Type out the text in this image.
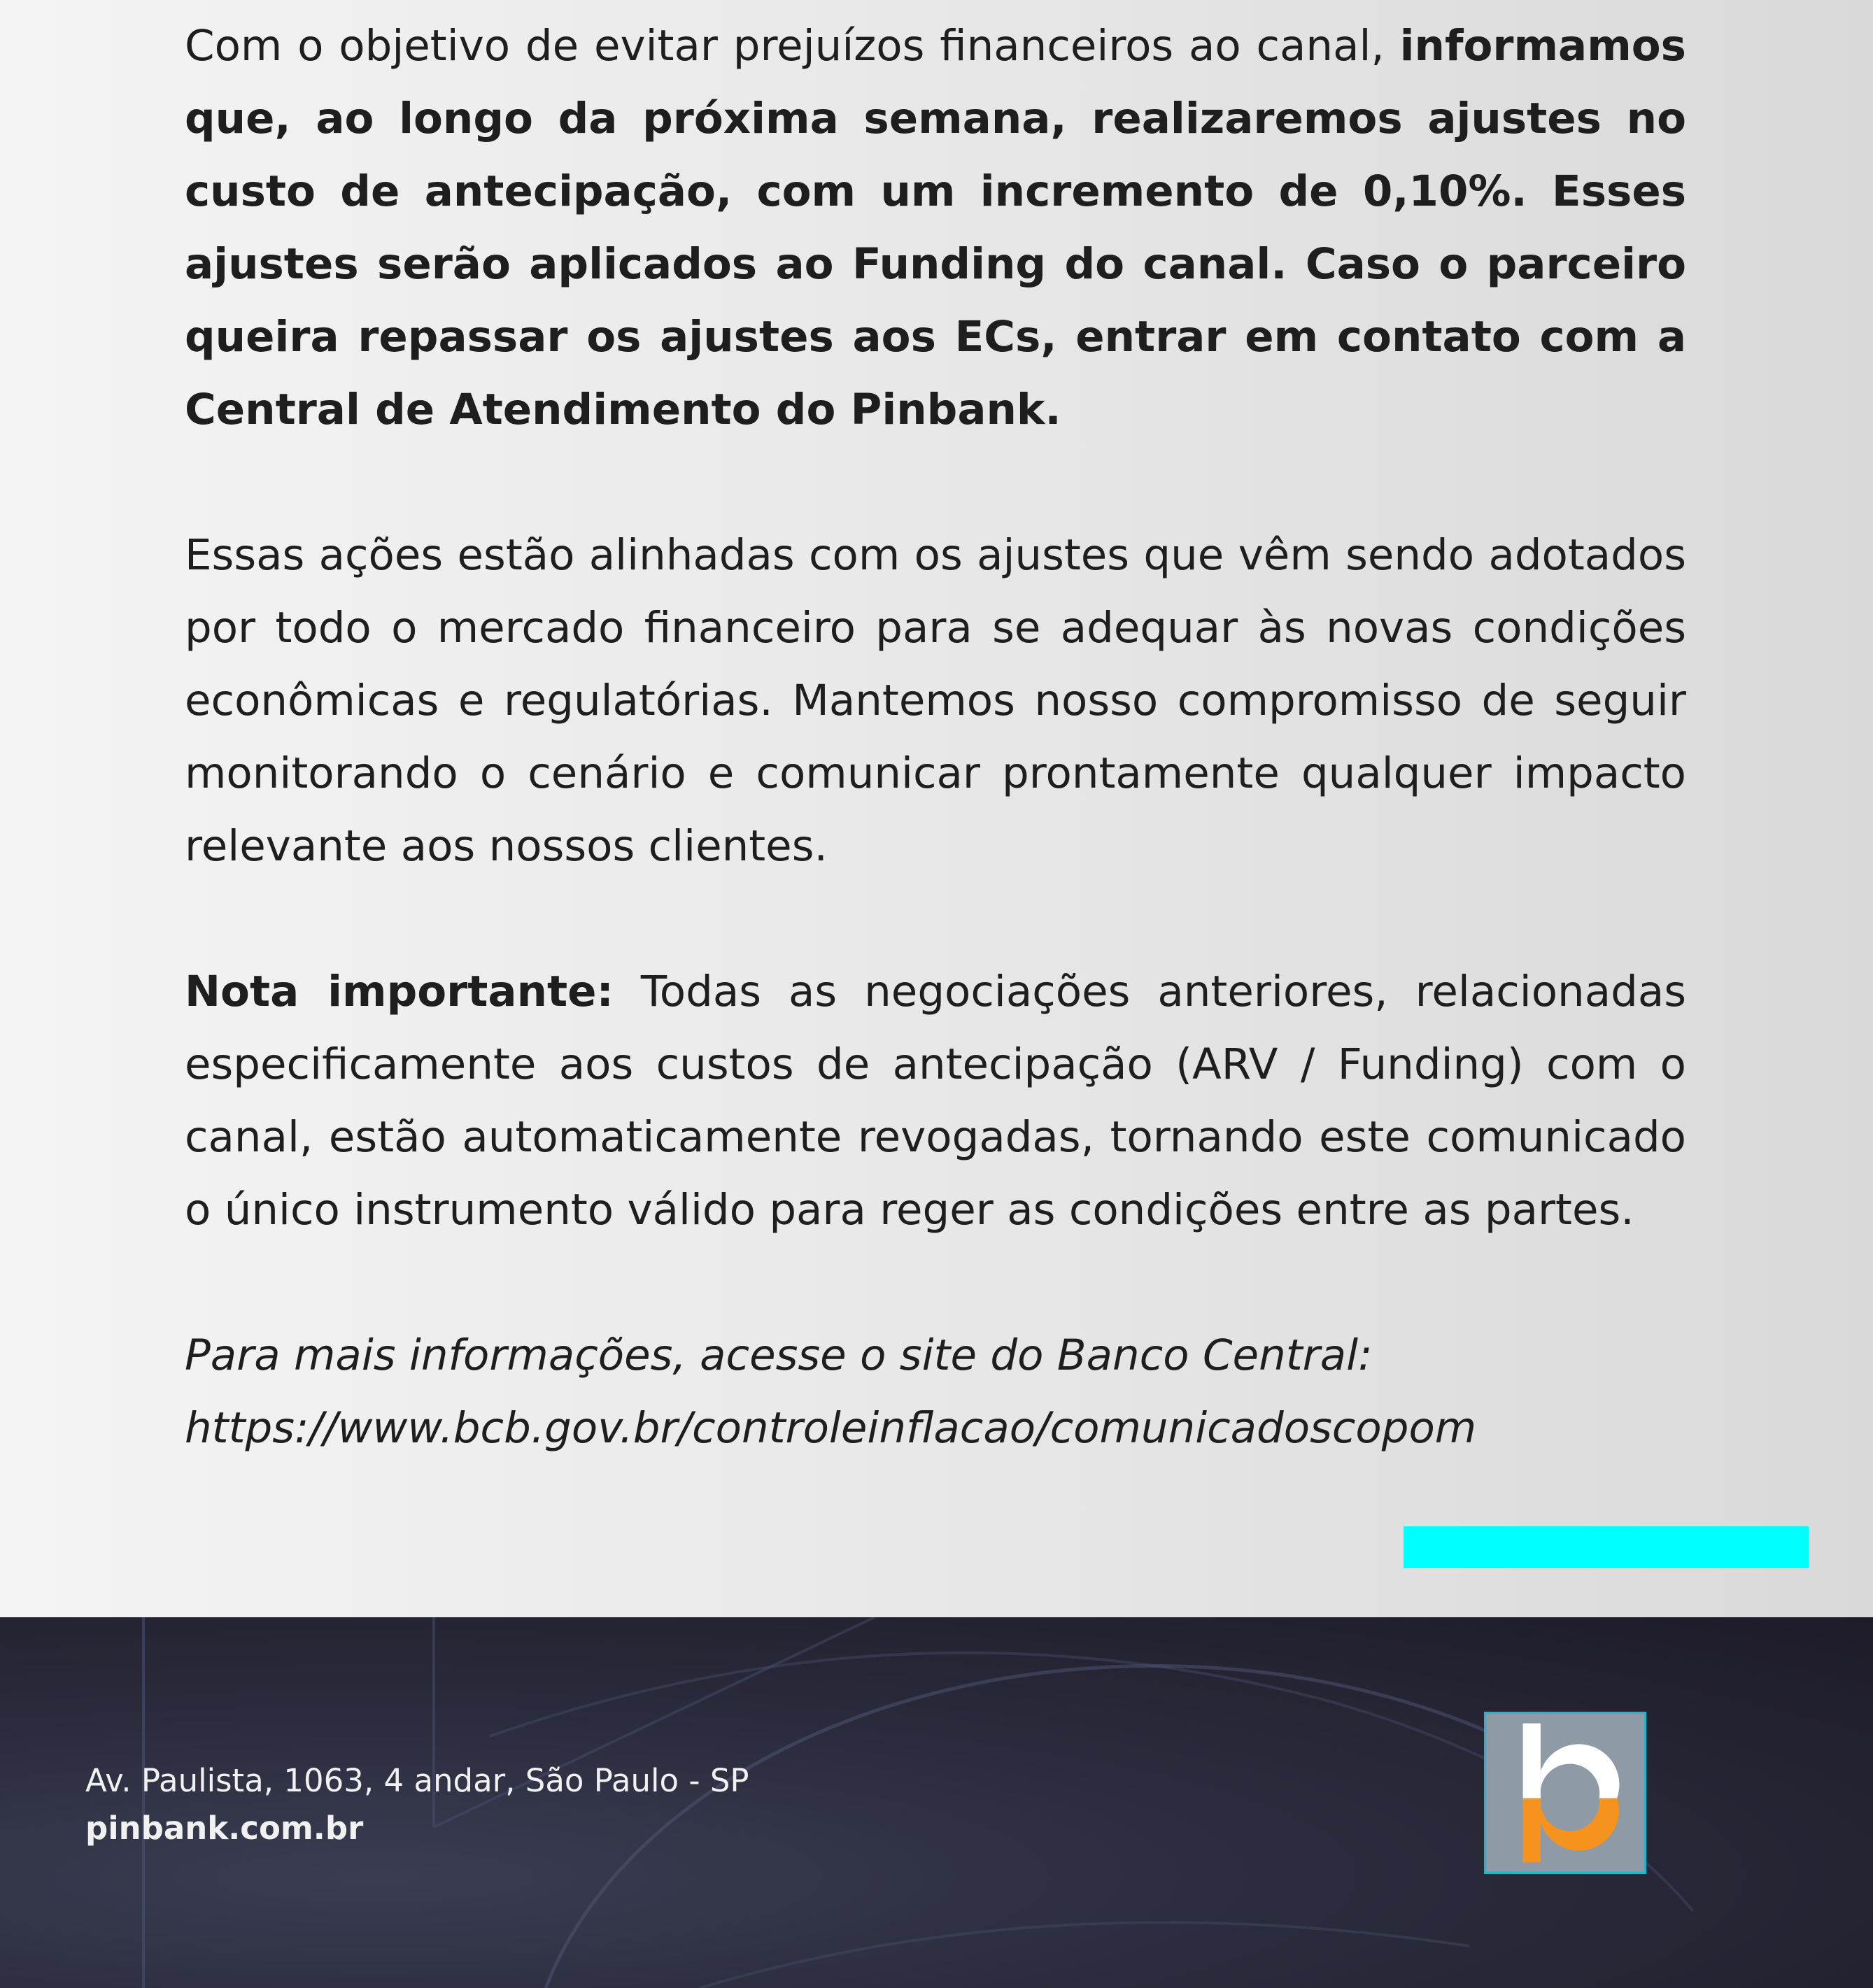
Com o objetivo de evitar prejuízos financeiros ao canal, informamos que, ao longo da próxima semana, realizaremos ajustes no custo de antecipação, com um incremento de 0,10%. Esses ajustes serão aplicados ao Funding do canal. Caso o parceiro queira repassar os ajustes aos ECs, entrar em contato com a Central de Atendimento do Pinbank.

Essas ações estão alinhadas com os ajustes que vêm sendo adotados por todo o mercado financeiro para se adequar às novas condições econômicas e regulatórias. Mantemos nosso compromisso de seguir monitorando o cenário e comunicar prontamente qualquer impacto relevante aos nossos clientes.

Nota importante: Todas as negociações anteriores, relacionadas especificamente aos custos de antecipação (ARV / Funding) com o canal, estão automaticamente revogadas, tornando este comunicado o único instrumento válido para reger as condições entre as partes.

Para mais informações, acesse o site do Banco Central:
https://www.bcb.gov.br/controleinflacao/comunicadoscopom

Av. Paulista, 1063, 4 andar, São Paulo - SP
pinbank.com.br
